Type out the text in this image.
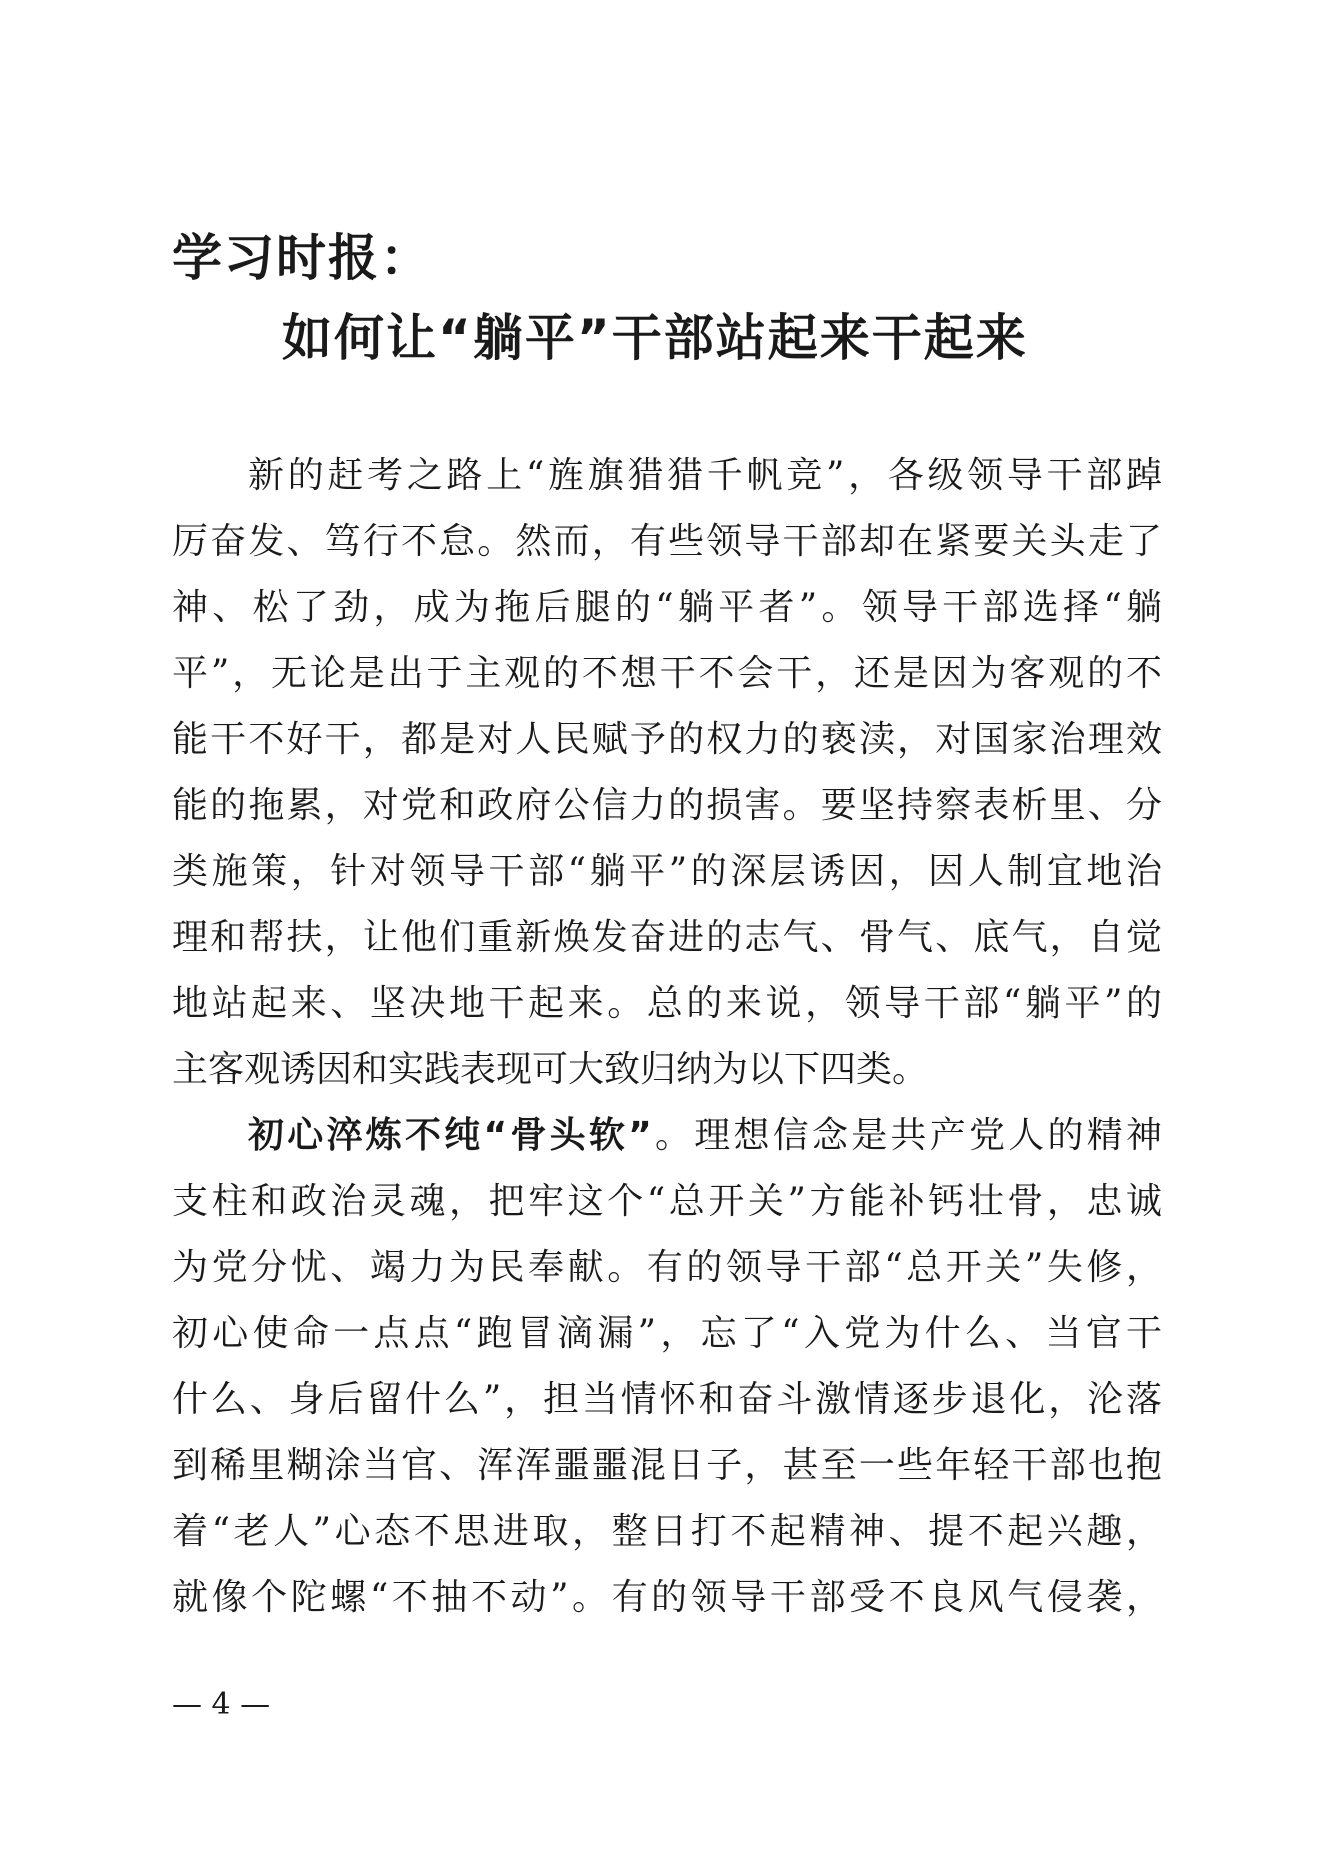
学习时报：
如何让“躺平”干部站起来干起来
新的赶考之路上“旌旗猎猎千帆竞”，各级领导干部踔
厉奋发、笃行不怠。然而，有些领导干部却在紧要关头走了
神、松了劲，成为拖后腿的“躺平者”。领导干部选择“躺
平”，无论是出于主观的不想干不会干，还是因为客观的不
能干不好干，都是对人民赋予的权力的亵渎，对国家治理效
能的拖累，对党和政府公信力的损害。要坚持察表析里、分
类施策，针对领导干部“躺平”的深层诱因，因人制宜地治
理和帮扶，让他们重新焕发奋进的志气、骨气、底气，自觉
地站起来、坚决地干起来。总的来说，领导干部“躺平”的
主客观诱因和实践表现可大致归纳为以下四类。
初心淬炼不纯“骨头软”。理想信念是共产党人的精神
支柱和政治灵魂，把牢这个“总开关”方能补钙壮骨，忠诚
为党分忧、竭力为民奉献。有的领导干部“总开关”失修，
初心使命一点点“跑冒滴漏”，忘了“入党为什么、当官干
什么、身后留什么”，担当情怀和奋斗激情逐步退化，沦落
到稀里糊涂当官、浑浑噩噩混日子，甚至一些年轻干部也抱
着“老人”心态不思进取，整日打不起精神、提不起兴趣，
就像个陀螺“不抽不动”。有的领导干部受不良风气侵袭，
— 4 —
